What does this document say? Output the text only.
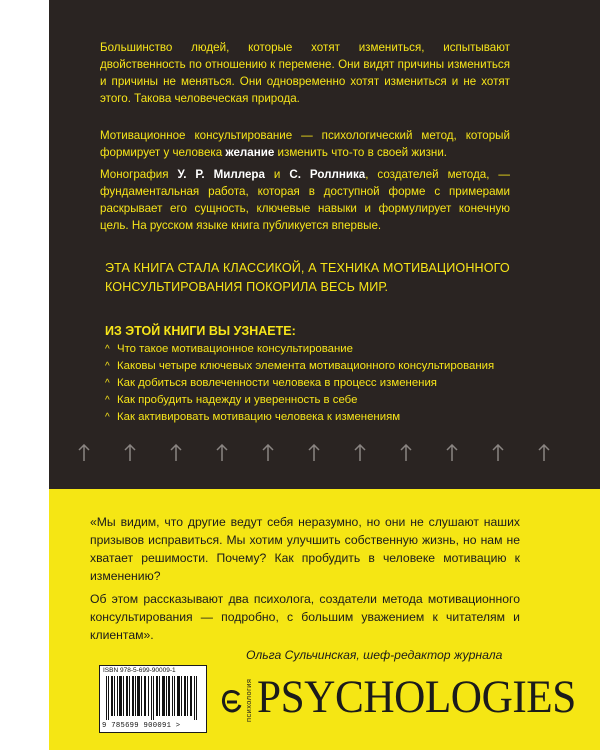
Большинство людей, которые хотят измениться, испытывают двойственность по отношению к перемене. Они видят причины измениться и причины не меняться. Они одновременно хотят измениться и не хотят этого. Такова человеческая природа.

Мотивационное консультирование — психологический метод, который формирует у человека желание изменить что-то в своей жизни.

Монография У. Р. Миллера и С. Роллника, создателей метода, — фундаментальная работа, которая в доступной форме с примерами раскрывает его сущность, ключевые навыки и формулирует конечную цель. На русском языке книга публикуется впервые.

ЭТА КНИГА СТАЛА КЛАССИКОЙ, А ТЕХНИКА МОТИВАЦИОННОГО КОНСУЛЬТИРОВАНИЯ ПОКОРИЛА ВЕСЬ МИР.

ИЗ ЭТОЙ КНИГИ ВЫ УЗНАЕТЕ:

^ Что такое мотивационное консультирование
^ Каковы четыре ключевых элемента мотивационного консультирования
^ Как добиться вовлеченности человека в процесс изменения
^ Как пробудить надежду и уверенность в себе
^ Как активировать мотивацию человека к изменениям

«Мы видим, что другие ведут себя неразумно, но они не слушают наших призывов исправиться. Мы хотим улучшить собственную жизнь, но нам не хватает решимости. Почему? Как пробудить в человеке мотивацию к изменению?

Об этом рассказывают два психолога, создатели метода мотивационного консультирования — подробно, с большим уважением к читателям и клиентам».

Ольга Сульчинская, шеф-редактор журнала
ISBN 978-5-699-90009-1
9 785699 900091 >
психология PSYCHOLOGIES
